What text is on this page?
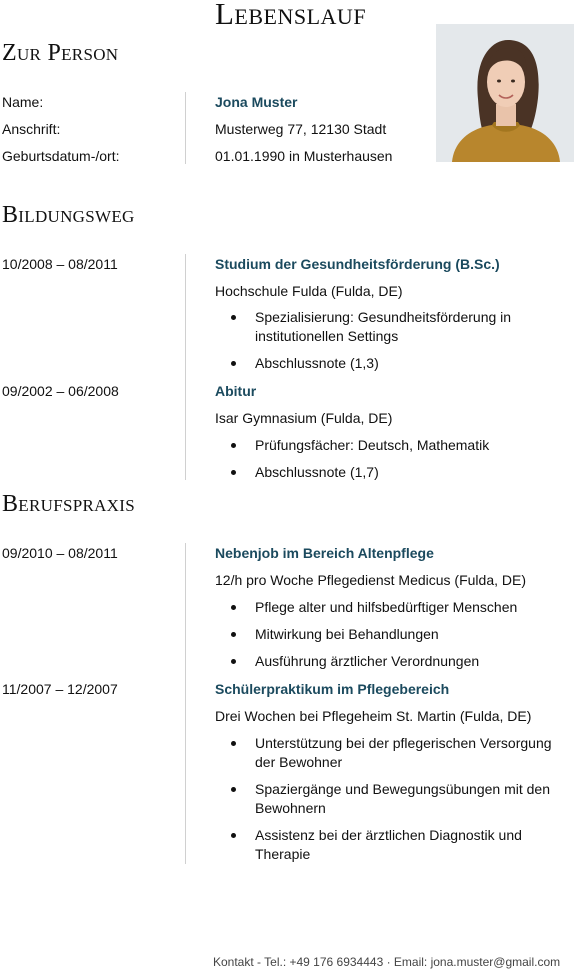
Lebenslauf
Zur Person
Name:	Jona Muster
Anschrift:	Musterweg 77, 12130 Stadt
Geburtsdatum-/ort:	01.01.1990 in Musterhausen
Bildungsweg
10/2008 – 08/2011	Studium der Gesundheitsförderung (B.Sc.)
Hochschule Fulda (Fulda, DE)
Spezialisierung: Gesundheitsförderung in institutionellen Settings
Abschlussnote (1,3)
09/2002 – 06/2008	Abitur
Isar Gymnasium (Fulda, DE)
Prüfungsfächer: Deutsch, Mathematik
Abschlussnote (1,7)
Berufspraxis
09/2010 – 08/2011	Nebenjob im Bereich Altenpflege
12/h pro Woche Pflegedienst Medicus (Fulda, DE)
Pflege alter und hilfsbedürftiger Menschen
Mitwirkung bei Behandlungen
Ausführung ärztlicher Verordnungen
11/2007 – 12/2007	Schülerpraktikum im Pflegebereich
Drei Wochen bei Pflegeheim St. Martin (Fulda, DE)
Unterstützung bei der pflegerischen Versorgung der Bewohner
Spaziergänge und Bewegungsübungen mit den Bewohnern
Assistenz bei der ärztlichen Diagnostik und Therapie
Kontakt - Tel.: +49 176 6934443 · Email: jona.muster@gmail.com
